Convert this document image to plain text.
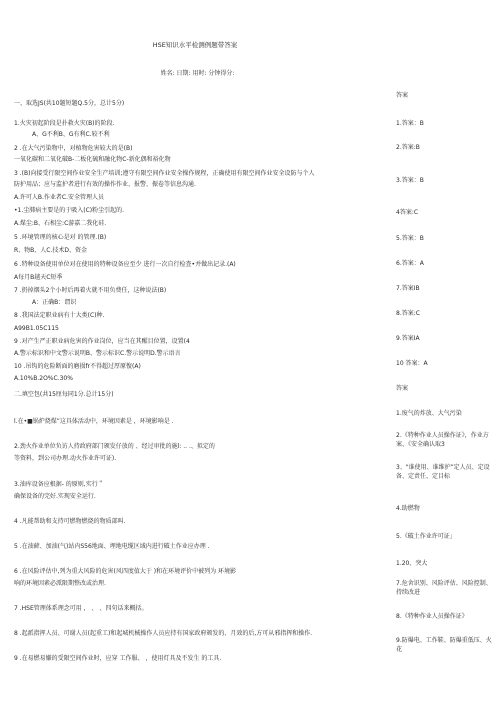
HSE知识水平检测例题带答案
姓名: 日期: 用时: 分钟得分:
一、取选JS(共10题短题Q.5分，总计5分)
1.火灾初起阶段是扑救火灾(B)的阶段.
A、G不利B、G有利C.较不利
2 .在大气污染物中，对植物危害较大的是(B)
一氧化碳和二氧化破B-二板化硫和融化物C-新化偶和裕化物
3 .(B)向接受行限空间作业安全生产培训;遵守有限空间作业安全操作规程，正确使用有限空间作业安全设防与个人
防护用品；应与监护者进行有效的操作作业、报警、振卷等信息沟通.
A.许可人B.作业者C.安全管理人员
•1.尘肺病主要是的于吸入(C)粉尘引起的.
A.煤尘:B、石相尘:C游嘉二我化硅.
5 .环境管理的核心是对 的管理.(B)
R、物B、人C.技术D、资金
6 .特种设备使用单位对在使用的特种设备应至少 进行一次自行检查•并做出记录.(A)
A每月B越天C短季
7 .扔掉烟头2个小时后再着火就不用负费任，这种说法(B)
A：正确B：谓识
8 .我国法定职业病有十大类(C)种.
A99B1.05C115
9 .对产生严正职业病危害的作业岗位，应当在其醒目位置，设置(4
A.警示标识和中文警示说明B、警示标识C.警示说明D.警示语言
10 .吊钩的危险断面的磨损fr不得超过厚原復(A)
A.10%B.2O%C.30%
二.填空包(共15厘每同1分.总计15分)
l.在•■锅炉烧煤”这具体活动中，环境因素是 ，环境影响是 .
2.劲火作业单位负访人持政府部门颁发仔放的 、经过审批的施l: .. .、拟定的
等资料，到公司办理.动火作业许可证).
3.油库设备应根据- 的原则,实行＂
确保设备的完好.实现安全运行.
4 .凡能帮助和支持可燃物燃烧的物质部叫.
5 .在油藓、加油(气)站内S56地面、埋地电缆区域内进行破土作业应办理 .
6 .在风险评估中,列为重大风险的危害(风四度值大于 )和在环境评价中被列为 环境影
响的环境因素必派限期整改或治理.
7 .HSE管理体系理念可用 ， 、 、四句话来概括。
8 .起派指挥人员、可谢人员(起重工)和起城机械操作人员应持有国家政府颁发的、月效的后,方可从邪指挥和操作.
9 .在易燃易嫌的受限空间作业时，应穿 工作服、 ，使用灯具及不发生 的工具.
答案
1.答案：B
2.答案:B
3.答案：B
4答案:C
5.答案：B
6.答案：A
7.答案IB
8.答案:C
9.答案IA
10 答案：A
答案
1.废气的炸放、大气污染
2.《特种作业人员操作证》，作业方案、《安全确认取3
3、"谁使用、谁维护”定人员、定设备、定责任、定目标
4.助燃物
5.《破土作业许可证」
1.20、突大
7.危舍识别、风险评估、风险控制、持续改进
8.《特种作业人员操作证》
9.防爆电、工作鞋、防爆重低压、火花
